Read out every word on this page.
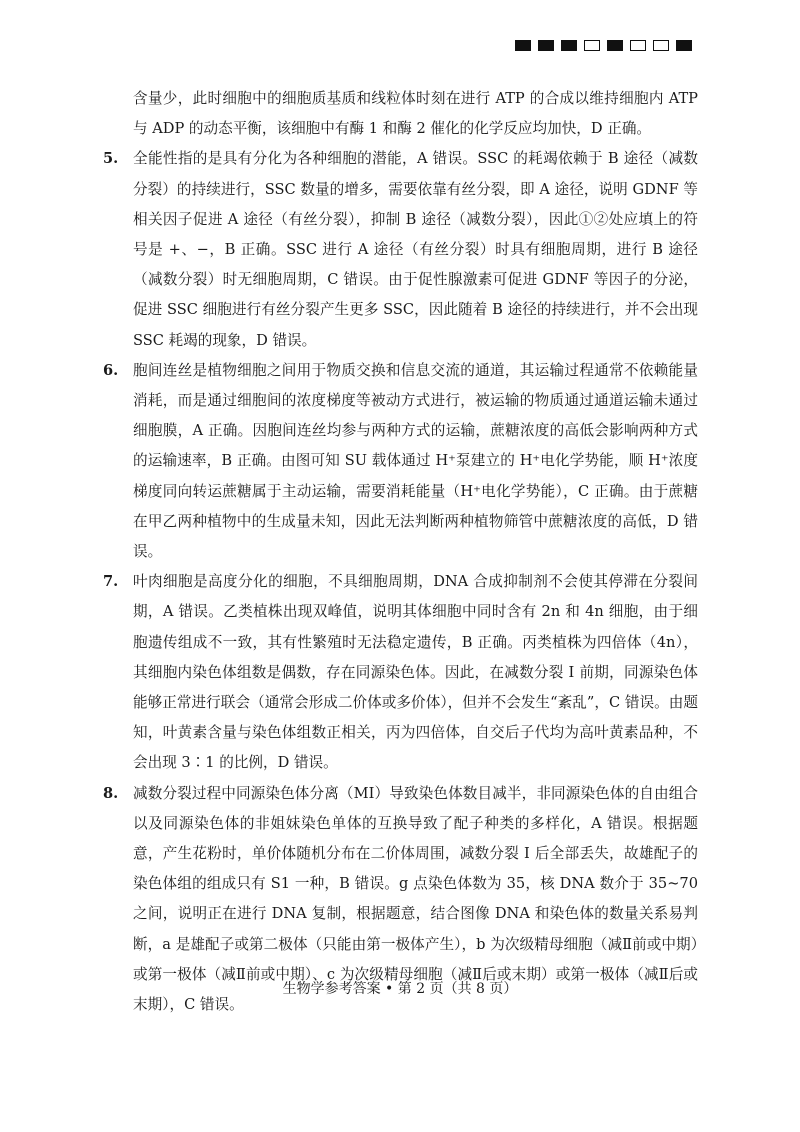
含量少，此时细胞中的细胞质基质和线粒体时刻在进行 ATP 的合成以维持细胞内 ATP 与 ADP 的动态平衡，该细胞中有酶 1 和酶 2 催化的化学反应均加快，D 正确。

5.	全能性指的是具有分化为各种细胞的潜能，A 错误。SSC 的耗竭依赖于 B 途径（减数分裂）的持续进行，SSC 数量的增多，需要依靠有丝分裂，即 A 途径，说明 GDNF 等相关因子促进 A 途径（有丝分裂），抑制 B 途径（减数分裂），因此①②处应填上的符号是 +、−，B 正确。SSC 进行 A 途径（有丝分裂）时具有细胞周期，进行 B 途径（减数分裂）时无细胞周期，C 错误。由于促性腺激素可促进 GDNF 等因子的分泌，促进 SSC 细胞进行有丝分裂产生更多 SSC，因此随着 B 途径的持续进行，并不会出现 SSC 耗竭的现象，D 错误。
6.	胞间连丝是植物细胞之间用于物质交换和信息交流的通道，其运输过程通常不依赖能量消耗，而是通过细胞间的浓度梯度等被动方式进行，被运输的物质通过通道运输未通过细胞膜，A 正确。因胞间连丝均参与两种方式的运输，蔗糖浓度的高低会影响两种方式的运输速率，B 正确。由图可知 SU 载体通过 H⁺泵建立的 H⁺电化学势能，顺 H⁺浓度梯度同向转运蔗糖属于主动运输，需要消耗能量（H⁺电化学势能），C 正确。由于蔗糖在甲乙两种植物中的生成量未知，因此无法判断两种植物筛管中蔗糖浓度的高低，D 错误。
7.	叶肉细胞是高度分化的细胞，不具细胞周期，DNA 合成抑制剂不会使其停滞在分裂间期，A 错误。乙类植株出现双峰值，说明其体细胞中同时含有 2n 和 4n 细胞，由于细胞遗传组成不一致，其有性繁殖时无法稳定遗传，B 正确。丙类植株为四倍体（4n），其细胞内染色体组数是偶数，存在同源染色体。因此，在减数分裂 Ⅰ 前期，同源染色体能够正常进行联会（通常会形成二价体或多价体），但并不会发生“紊乱”，C 错误。由题知，叶黄素含量与染色体组数正相关，丙为四倍体，自交后子代均为高叶黄素品种，不会出现 3∶1 的比例，D 错误。
8.	减数分裂过程中同源染色体分离（MⅠ）导致染色体数目减半，非同源染色体的自由组合以及同源染色体的非姐妹染色单体的互换导致了配子种类的多样化，A 错误。根据题意，产生花粉时，单价体随机分布在二价体周围，减数分裂 Ⅰ 后全部丢失，故雄配子的染色体组的组成只有 S1 一种，B 错误。g 点染色体数为 35，核 DNA 数介于 35~70 之间，说明正在进行 DNA 复制，根据题意，结合图像 DNA 和染色体的数量关系易判断，a 是雄配子或第二极体（只能由第一极体产生），b 为次级精母细胞（减Ⅱ前或中期）或第一极体（减Ⅱ前或中期）、c 为次级精母细胞（减Ⅱ后或末期）或第一极体（减Ⅱ后或末期），C 错误。
生物学参考答案 • 第 2 页（共 8 页）
